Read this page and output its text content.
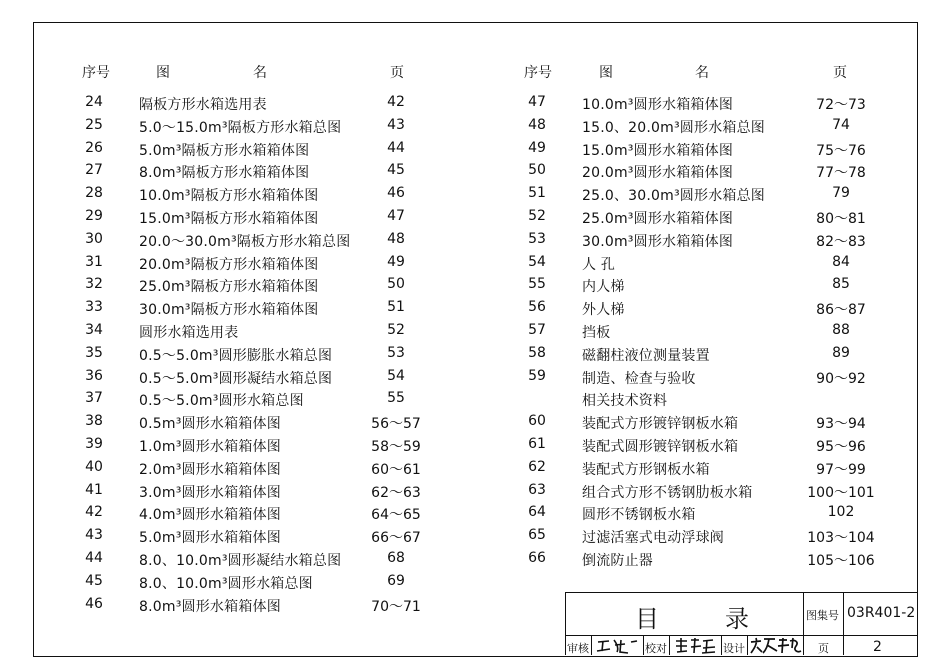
序号	图	名	页	序号	图	名	页
24	隔板方形水箱选用表	42
25	5.0～15.0m³隔板方形水箱总图	43
26	5.0m³隔板方形水箱箱体图	44
27	8.0m³隔板方形水箱箱体图	45
28	10.0m³隔板方形水箱箱体图	46
29	15.0m³隔板方形水箱箱体图	47
30	20.0～30.0m³隔板方形水箱总图	48
31	20.0m³隔板方形水箱箱体图	49
32	25.0m³隔板方形水箱箱体图	50
33	30.0m³隔板方形水箱箱体图	51
34	圆形水箱选用表	52
35	0.5～5.0m³圆形膨胀水箱总图	53
36	0.5～5.0m³圆形凝结水箱总图	54
37	0.5～5.0m³圆形水箱总图	55
38	0.5m³圆形水箱箱体图	56～57
39	1.0m³圆形水箱箱体图	58～59
40	2.0m³圆形水箱箱体图	60～61
41	3.0m³圆形水箱箱体图	62～63
42	4.0m³圆形水箱箱体图	64～65
43	5.0m³圆形水箱箱体图	66～67
44	8.0、10.0m³圆形凝结水箱总图	68
45	8.0、10.0m³圆形水箱总图	69
46	8.0m³圆形水箱箱体图	70～71
47	10.0m³圆形水箱箱体图	72～73
48	15.0、20.0m³圆形水箱总图	74
49	15.0m³圆形水箱箱体图	75～76
50	20.0m³圆形水箱箱体图	77～78
51	25.0、30.0m³圆形水箱总图	79
52	25.0m³圆形水箱箱体图	80～81
53	30.0m³圆形水箱箱体图	82～83
54	人 孔	84
55	内人梯	85
56	外人梯	86～87
57	挡板	88
58	磁翻柱液位测量装置	89
59	制造、检查与验收	90～92
相关技术资料
60	装配式方形镀锌钢板水箱	93～94
61	装配式圆形镀锌钢板水箱	95～96
62	装配式方形钢板水箱	97～99
63	组合式方形不锈钢肋板水箱	100～101
64	圆形不锈钢板水箱	102
65	过滤活塞式电动浮球阀	103～104
66	倒流防止器	105～106
目	录	图集号 03R401-2
审核	校对	设计	页	2
